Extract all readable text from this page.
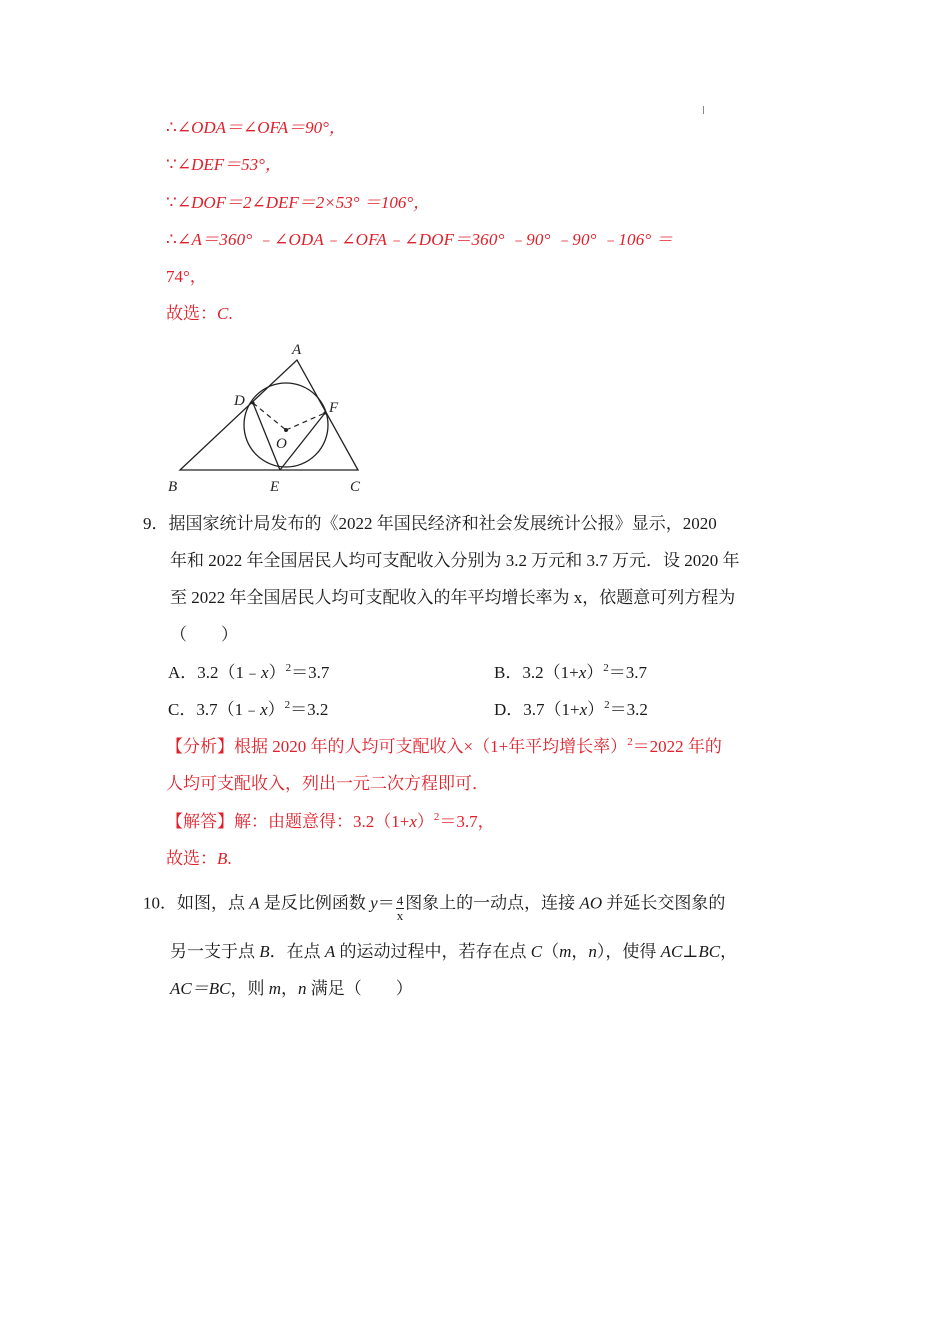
∴∠ODA＝∠OFA＝90°，
∵∠DEF＝53°，
∵∠DOF＝2∠DEF＝2×53° ＝106°，
∴∠A＝360° ﹣∠ODA﹣∠OFA﹣∠DOF＝360° ﹣90° ﹣90° ﹣106° ＝
74°，
故选：C.
A
B	C
D
E
F
O
9．据国家统计局发布的《2022 年国民经济和社会发展统计公报》显示，2020
年和 2022 年全国居民人均可支配收入分别为 3.2 万元和 3.7 万元．设 2020 年
至 2022 年全国居民人均可支配收入的年平均增长率为 x，依题意可列方程为
（　　）
A．3.2（1﹣x）$^2$＝3.7	B．$3.2(1+x)^2=3.7$
C．3.7（1﹣x）$^2$＝3.2	D．$3.7(1+x)^2=3.2$
【分析】根据 2020 年的人均可支配收入×（1+年平均增长率）$^2$＝2022 年的
人均可支配收入，列出一元二次方程即可．
【解答】解：由题意得：$3.2(1+x)^2=3.7$，
故选：B.
10．如图，点 A 是反比例函数 $y= \frac{4}{x}$ 图象上的一动点，连接 AO 并延长交图象的
另一支于点 B．在点 A 的运动过程中，若存在点 C（m，n），使得 AC⊥BC，
AC＝BC，则 m，n 满足（　　）
